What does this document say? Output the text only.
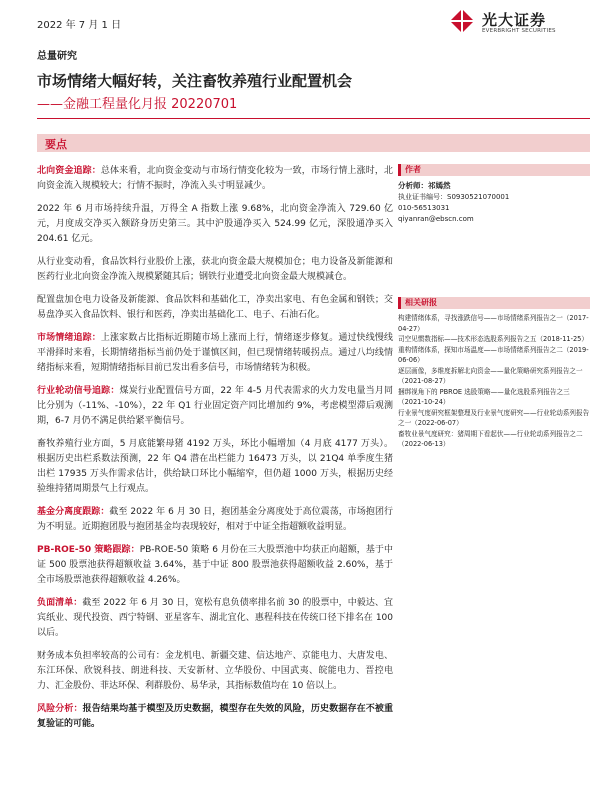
2022 年 7 月 1 日	光大证券
EVERBRIGHT SECURITIES
总量研究
市场情绪大幅好转，关注畜牧养殖行业配置机会
——金融工程量化月报 20220701
要点

北向资金追踪：总体来看，北向资金变动与市场行情变化较为一致，市场行情上涨时，北向资金流入规模较大；行情不振时，净流入头寸明显减少。

2022 年 6 月市场持续升温，万得全 A 指数上涨 9.68%，北向资金净流入 729.60 亿元，月度成交净买入额跻身历史第三。其中沪股通净买入 524.99 亿元，深股通净买入 204.61 亿元。

从行业变动看，食品饮料行业股价上涨，获北向资金最大规模加仓；电力设备及新能源和医药行业北向资金净流入规模紧随其后；钢铁行业遭受北向资金最大规模减仓。

配置盘加仓电力设备及新能源、食品饮料和基础化工，净卖出家电、有色金属和钢铁；交易盘净买入食品饮料、银行和医药，净卖出基础化工、电子、石油石化。

市场情绪追踪：上涨家数占比指标近期随市场上涨而上行，情绪逐步修复。通过快线慢线平滑择时来看，长期情绪指标当前仍处于谨慎区间，但已现情绪转暖拐点。通过八均线情绪指标来看，短期情绪指标目前已发出看多信号，市场情绪转为积极。

行业轮动信号追踪：煤炭行业配置信号方面，22 年 4-5 月代表需求的火力发电量当月同比分别为（-11%、-10%），22 年 Q1 行业固定资产同比增加约 9%，考虑模型滞后观测期，6-7 月仍不满足供给紧平衡信号。

畜牧养殖行业方面，5 月底能繁母猪 4192 万头，环比小幅增加（4 月底 4177 万头）。根据历史出栏系数法预测，22 年 Q4 潜在出栏能力 16473 万头，以 21Q4 单季度生猪出栏 17935 万头作需求估计，供给缺口环比小幅缩窄，但仍超 1000 万头，根据历史经验维持猪周期景气上行观点。

基金分离度跟踪：截至 2022 年 6 月 30 日，抱团基金分离度处于高位震荡，市场抱团行为不明显。近期抱团股与抱团基金均表现较好，相对于中证全指超额收益明显。

PB-ROE-50 策略跟踪：PB-ROE-50 策略 6 月份在三大股票池中均获正向超额，基于中证 500 股票池获得超额收益 3.64%，基于中证 800 股票池获得超额收益 2.60%，基于全市场股票池获得超额收益 4.26%。

负面清单：截至 2022 年 6 月 30 日，宽松有息负债率排名前 30 的股票中，中毅达、宜宾纸业、现代投资、西宁特钢、亚星客车、湖北宜化、惠程科技在传统口径下排名在 100 以后。

财务成本负担率较高的公司有：金龙机电、新疆交建、信达地产、京能电力、大唐发电、东江环保、欣锐科技、朗进科技、天安新材、立华股份、中国武夷、皖能电力、晋控电力、汇金股份、菲达环保、利群股份、易华录，其指标数值均在 10 倍以上。

风险分析：报告结果均基于模型及历史数据，模型存在失效的风险，历史数据存在不被重复验证的可能。

作者
分析师：祁嫣然
执业证书编号：S0930521070001
010-56513031
qiyanran@ebscn.com
相关研报
构建情绪体系，寻找涨跌信号——市场情绪系列报告之一（2017-04-27）
司空见惯数指标——技术形态选股系列报告之五（2018-11-25）
重构情绪体系，探知市场温度——市场情绪系列报告之二（2019-06-06）
逐层画像，多维度拆解北向资金——量化策略研究系列报告之一（2021-08-27）
捆绑视角下的 PBROE 选股策略——量化选股系列报告之三（2021-10-24）
行业景气度研究框架整理及行业景气度研究——行业轮动系列报告之一（2022-06-07）
畜牧业景气度研究：猪周期下看起伏——行业轮动系列报告之二（2022-06-13）
